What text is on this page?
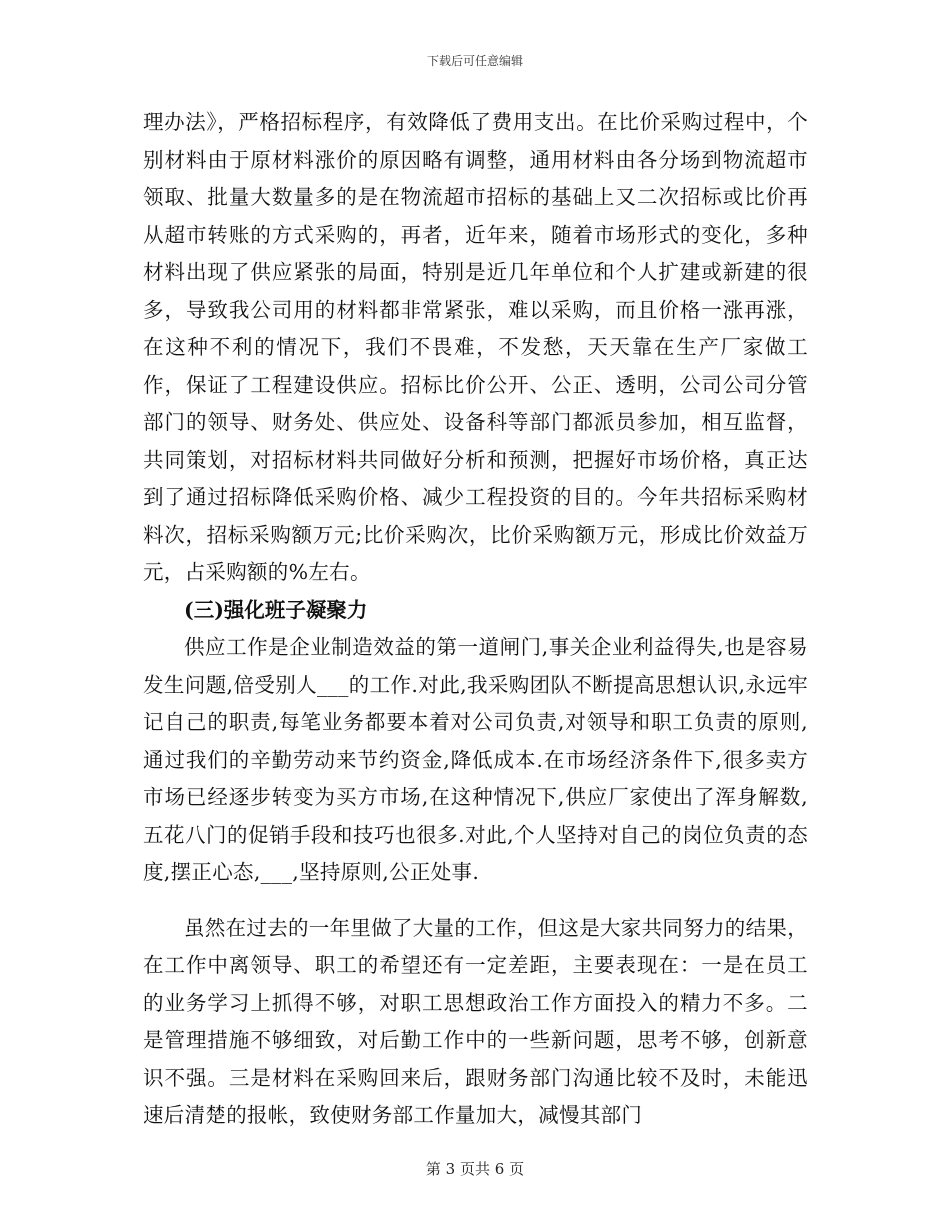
下载后可任意编辑

理办法》，严格招标程序，有效降低了费用支出。在比价采购过程中，个别材料由于原材料涨价的原因略有调整，通用材料由各分场到物流超市领取、批量大数量多的是在物流超市招标的基础上又二次招标或比价再从超市转账的方式采购的，再者，近年来，随着市场形式的变化，多种材料出现了供应紧张的局面，特别是近几年单位和个人扩建或新建的很多，导致我公司用的材料都非常紧张，难以采购，而且价格一涨再涨，在这种不利的情况下，我们不畏难，不发愁，天天靠在生产厂家做工作，保证了工程建设供应。招标比价公开、公正、透明，公司公司分管部门的领导、财务处、供应处、设备科等部门都派员参加，相互监督，共同策划，对招标材料共同做好分析和预测，把握好市场价格，真正达到了通过招标降低采购价格、减少工程投资的目的。今年共招标采购材料次，招标采购额万元;比价采购次，比价采购额万元，形成比价效益万元，占采购额的%左右。

(三)强化班子凝聚力

供应工作是企业制造效益的第一道闸门,事关企业利益得失,也是容易发生问题,倍受别人___的工作.对此,我采购团队不断提高思想认识,永远牢记自己的职责,每笔业务都要本着对公司负责,对领导和职工负责的原则,通过我们的辛勤劳动来节约资金,降低成本.在市场经济条件下,很多卖方市场已经逐步转变为买方市场,在这种情况下,供应厂家使出了浑身解数,五花八门的促销手段和技巧也很多.对此,个人坚持对自己的岗位负责的态度,摆正心态,___,坚持原则,公正处事.

虽然在过去的一年里做了大量的工作，但这是大家共同努力的结果，在工作中离领导、职工的希望还有一定差距，主要表现在：一是在员工的业务学习上抓得不够，对职工思想政治工作方面投入的精力不多。二是管理措施不够细致，对后勤工作中的一些新问题，思考不够，创新意识不强。三是材料在采购回来后，跟财务部门沟通比较不及时，未能迅速后清楚的报帐，致使财务部工作量加大，减慢其部门

第 3 页共 6 页
